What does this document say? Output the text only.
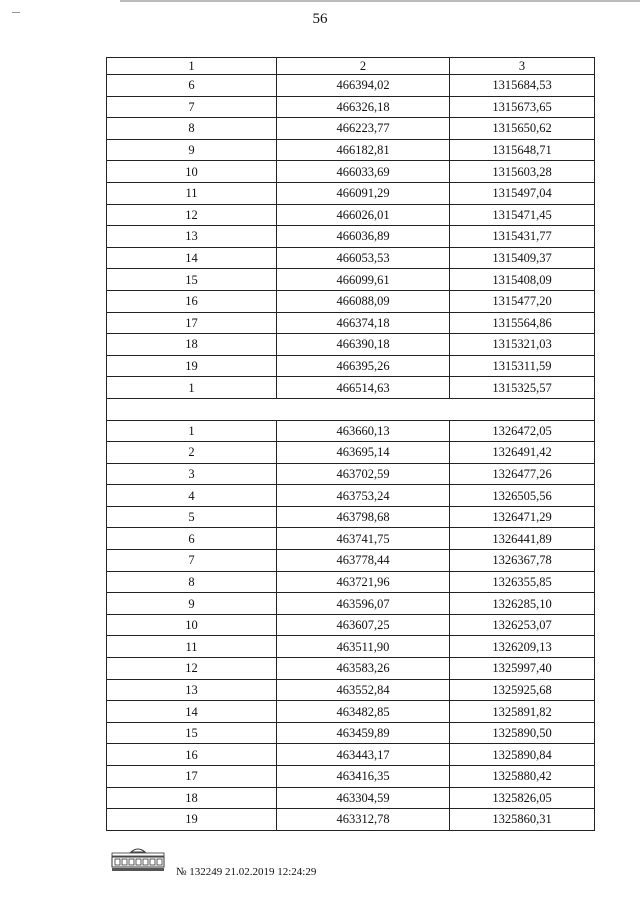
56
1	2	3
6	466394,02	1315684,53
7	466326,18	1315673,65
8	466223,77	1315650,62
9	466182,81	1315648,71
10	466033,69	1315603,28
11	466091,29	1315497,04
12	466026,01	1315471,45
13	466036,89	1315431,77
14	466053,53	1315409,37
15	466099,61	1315408,09
16	466088,09	1315477,20
17	466374,18	1315564,86
18	466390,18	1315321,03
19	466395,26	1315311,59
1	466514,63	1315325,57

1	463660,13	1326472,05
2	463695,14	1326491,42
3	463702,59	1326477,26
4	463753,24	1326505,56
5	463798,68	1326471,29
6	463741,75	1326441,89
7	463778,44	1326367,78
8	463721,96	1326355,85
9	463596,07	1326285,10
10	463607,25	1326253,07
11	463511,90	1326209,13
12	463583,26	1325997,40
13	463552,84	1325925,68
14	463482,85	1325891,82
15	463459,89	1325890,50
16	463443,17	1325890,84
17	463416,35	1325880,42
18	463304,59	1325826,05
19	463312,78	1325860,31
№ 132249 21.02.2019 12:24:29
